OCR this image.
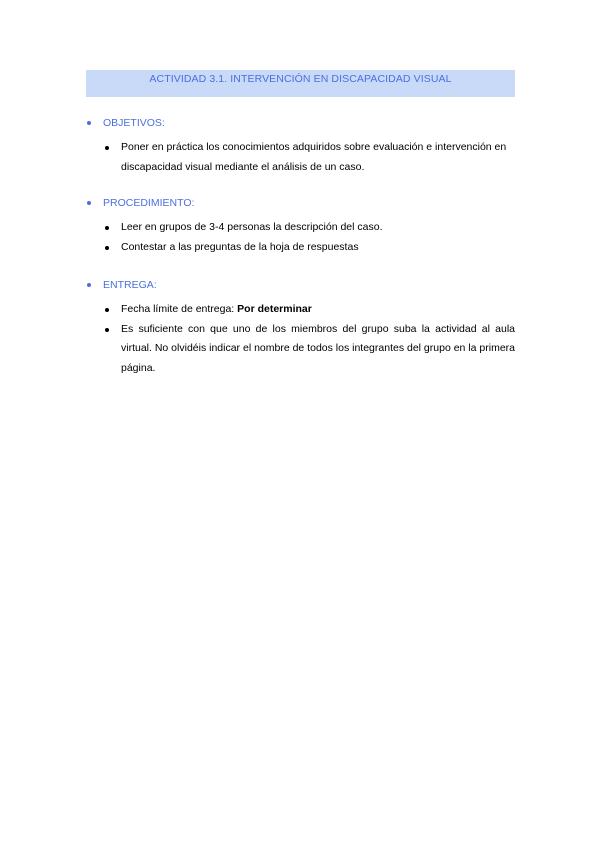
ACTIVIDAD 3.1. INTERVENCIÓN EN DISCAPACIDAD VISUAL
OBJETIVOS:
Poner en práctica los conocimientos adquiridos sobre evaluación e intervención en discapacidad visual mediante el análisis de un caso.
PROCEDIMIENTO:
Leer en grupos de 3-4 personas la descripción del caso.
Contestar a las preguntas de la hoja de respuestas
ENTREGA:
Fecha límite de entrega: Por determinar
Es suficiente con que uno de los miembros del grupo suba la actividad al aula virtual. No olvidéis indicar el nombre de todos los integrantes del grupo en la primera página.
